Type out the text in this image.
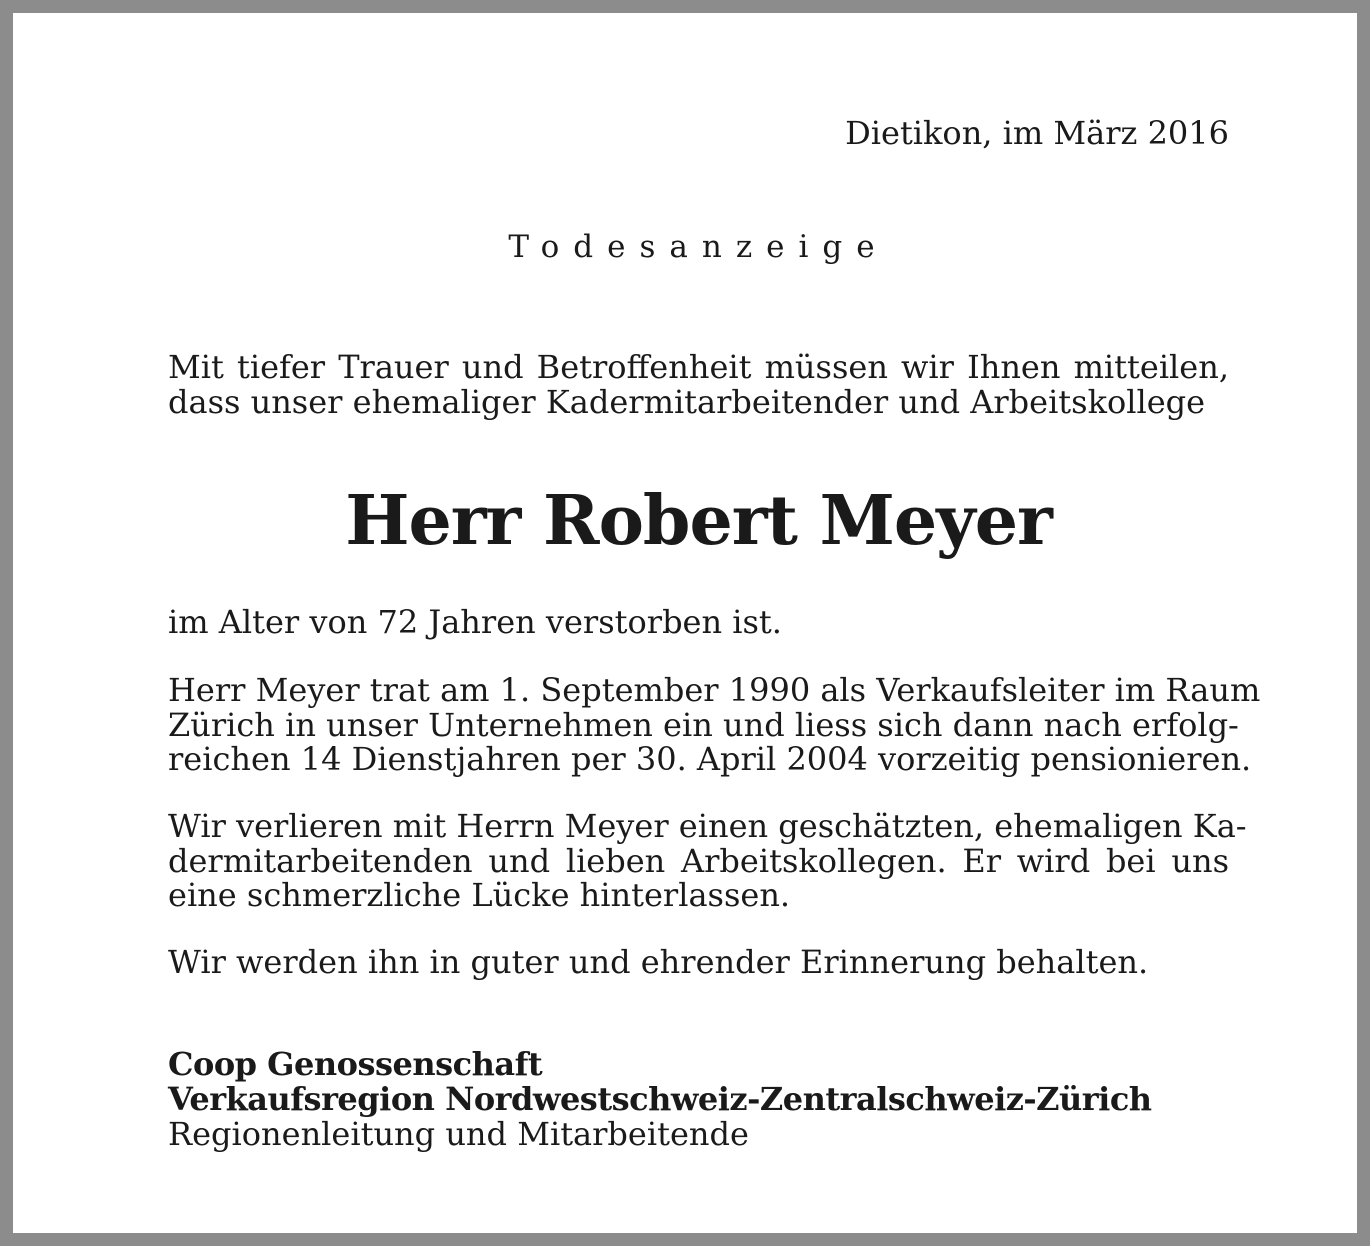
Dietikon, im März 2016
Todesanzeige

Mit tiefer Trauer und Betroffenheit müssen wir Ihnen mitteilen,
dass unser ehemaliger Kadermitarbeitender und Arbeitskollege

Herr Robert Meyer

im Alter von 72 Jahren verstorben ist.

Herr Meyer trat am 1. September 1990 als Verkaufsleiter im Raum
Zürich in unser Unternehmen ein und liess sich dann nach erfolg-
reichen 14 Dienstjahren per 30. April 2004 vorzeitig pensionieren.

Wir verlieren mit Herrn Meyer einen geschätzten, ehemaligen Ka-
dermitarbeitenden und lieben Arbeitskollegen. Er wird bei uns
eine schmerzliche Lücke hinterlassen.

Wir werden ihn in guter und ehrender Erinnerung behalten.

Coop Genossenschaft
Verkaufsregion Nordwestschweiz-Zentralschweiz-Zürich
Regionenleitung und Mitarbeitende
